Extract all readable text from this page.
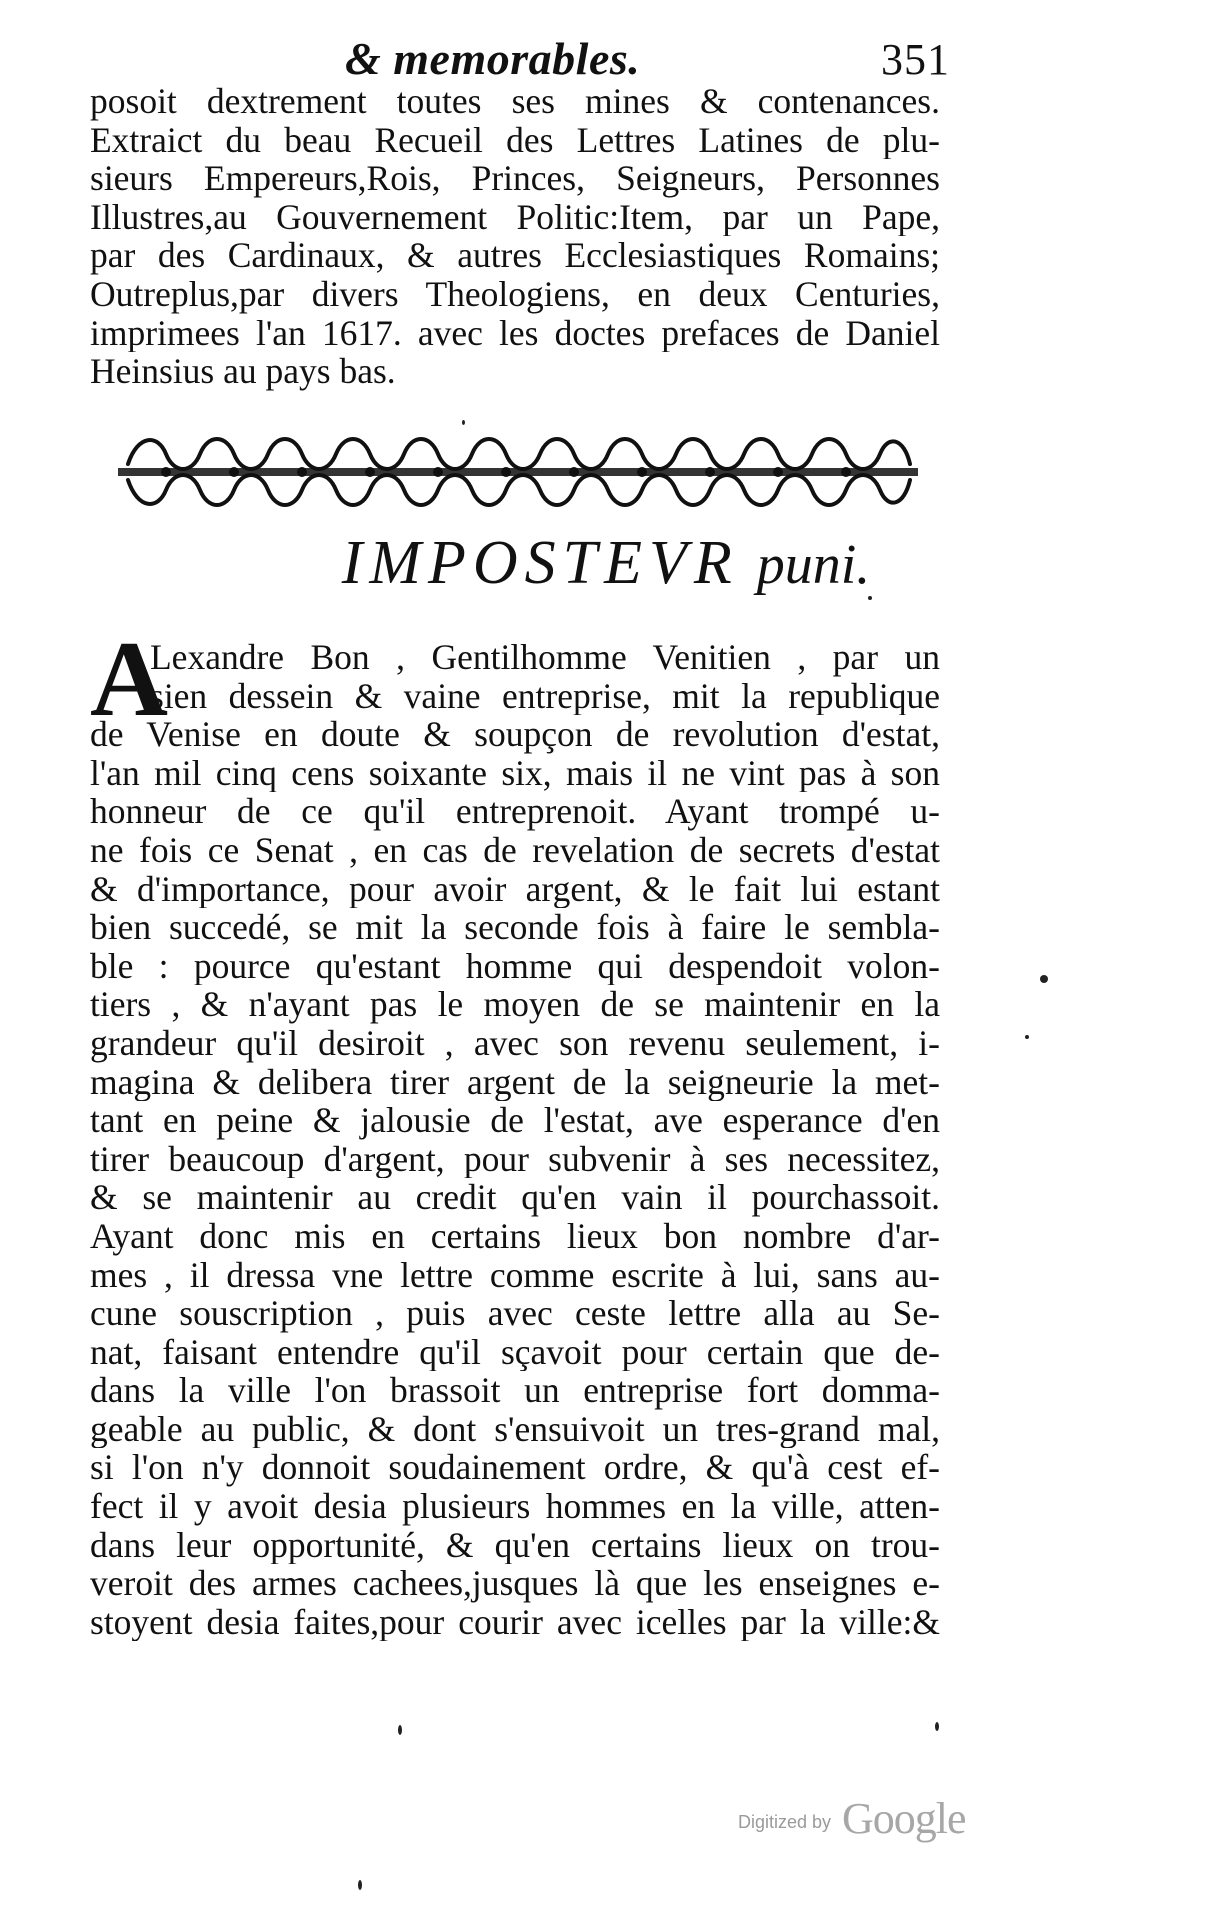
& memorables.	351
posoit dextrement toutes ses mines & contenances.
Extraict du beau Recueil des Lettres Latines de plu-
sieurs Empereurs,Rois, Princes, Seigneurs, Personnes
Illustres,au Gouvernement Politic:Item, par un Pape,
par des Cardinaux, & autres Ecclesiastiques Romains;
Outreplus,par divers Theologiens, en deux Centuries,
imprimees l'an 1617. avec les doctes prefaces de Daniel
Heinsius au pays bas.
IMPOSTEVR puni.
A
Lexandre Bon , Gentilhomme Venitien , par un
sien dessein & vaine entreprise, mit la republique
de Venise en doute & soupçon de revolution d'estat,
l'an mil cinq cens soixante six, mais il ne vint pas à son
honneur de ce qu'il entreprenoit. Ayant trompé u-
ne fois ce Senat , en cas de revelation de secrets d'estat
& d'importance, pour avoir argent, & le fait lui estant
bien succedé, se mit la seconde fois à faire le sembla-
ble : pource qu'estant homme qui despendoit volon-
tiers , & n'ayant pas le moyen de se maintenir en la
grandeur qu'il desiroit , avec son revenu seulement, i-
magina & delibera tirer argent de la seigneurie la met-
tant en peine & jalousie de l'estat, ave esperance d'en
tirer beaucoup d'argent, pour subvenir à ses necessitez,
& se maintenir au credit qu'en vain il pourchassoit.
Ayant donc mis en certains lieux bon nombre d'ar-
mes , il dressa vne lettre comme escrite à lui, sans au-
cune souscription , puis avec ceste lettre alla au Se-
nat, faisant entendre qu'il sçavoit pour certain que de-
dans la ville l'on brassoit un entreprise fort domma-
geable au public, & dont s'ensuivoit un tres-grand mal,
si l'on n'y donnoit soudainement ordre, & qu'à cest ef-
fect il y avoit desia plusieurs hommes en la ville, atten-
dans leur opportunité, & qu'en certains lieux on trou-
veroit des armes cachees,jusques là que les enseignes e-
stoyent desia faites,pour courir avec icelles par la ville:&
Digitized by Google
